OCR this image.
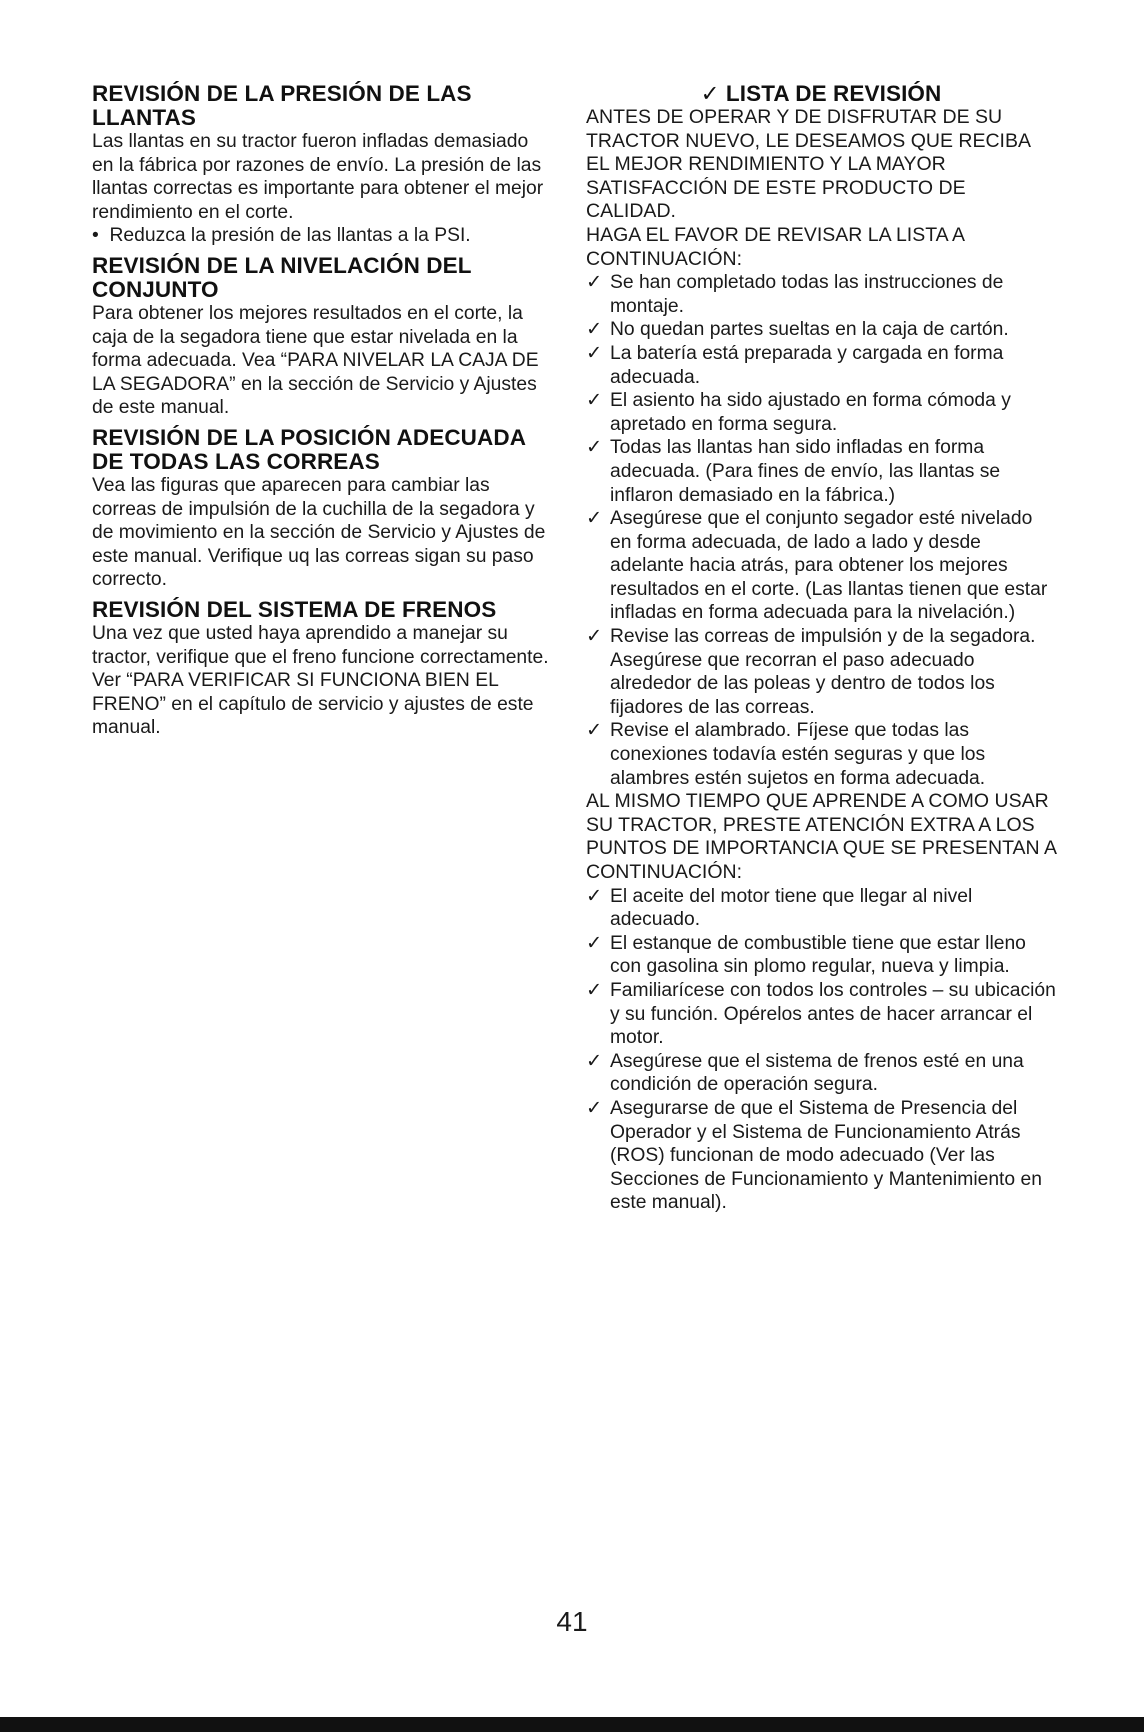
REVISIÓN DE LA PRESIÓN DE LAS LLANTAS

Las llantas en su tractor fueron infladas demasiado en la fábrica por razones de envío. La presión de las llantas correctas es importante para obtener el mejor rendimiento en el corte.

•  Reduzca la presión de las llantas a la PSI.

REVISIÓN DE LA NIVELACIÓN DEL CONJUNTO

Para obtener los mejores resultados en el corte, la caja de la segadora tiene que estar nivelada en la forma adecuada. Vea “PARA NIVELAR LA CAJA DE LA SEGADORA” en la sección de Servicio y Ajustes de este manual.

REVISIÓN DE LA POSICIÓN ADECUADA DE TODAS LAS CORREAS

Vea las figuras que aparecen para cambiar las correas de impulsión de la cuchilla de la segadora y de movimiento en la sección de Servicio y Ajustes de este manual. Verifique uq las correas sigan su paso correcto.

REVISIÓN DEL SISTEMA DE FRENOS

Una vez que usted haya aprendido a manejar su tractor, verifique que el freno funcione correctamente. Ver “PARA VERIFICAR SI FUNCIONA BIEN EL FRENO” en el capítulo de servicio y ajustes de este manual.

✓ LISTA DE REVISIÓN

ANTES DE OPERAR Y DE DISFRUTAR DE SU TRACTOR NUEVO, LE DESEAMOS QUE RECIBA EL MEJOR RENDIMIENTO Y LA MAYOR SATISFACCIÓN DE ESTE PRODUCTO DE CALIDAD.

HAGA EL FAVOR DE REVISAR LA LISTA A CONTINUACIÓN:

✓ Se han completado todas las instrucciones de montaje.
✓ No quedan partes sueltas en la caja de cartón.
✓ La batería está preparada y cargada en forma adecuada.
✓ El asiento ha sido ajustado en forma cómoda y apretado en forma segura.
✓ Todas las llantas han sido infladas en forma adecuada. (Para fines de envío, las llantas se inflaron demasiado en la fábrica.)
✓ Asegúrese que el conjunto segador esté nivelado en forma adecuada, de lado a lado y desde adelante hacia atrás, para obtener los mejores resultados en el corte. (Las llantas tienen que estar infladas en forma adecuada para la nivelación.)
✓ Revise las correas de impulsión y de la segadora. Asegúrese que recorran el paso adecuado alrededor de las poleas y dentro de todos los fijadores de las correas.
✓ Revise el alambrado. Fíjese que todas las conexiones todavía estén seguras y que los alambres estén sujetos en forma adecuada.

AL MISMO TIEMPO QUE APRENDE A COMO USAR SU TRACTOR, PRESTE ATENCIÓN EXTRA A LOS PUNTOS DE IMPORTANCIA QUE SE PRESENTAN A CONTINUACIÓN:

✓ El aceite del motor tiene que llegar al nivel adecuado.
✓ El estanque de combustible tiene que estar lleno con gasolina sin plomo regular, nueva y limpia.
✓ Familiarícese con todos los controles – su ubicación y su función. Opérelos antes de hacer arrancar el motor.
✓ Asegúrese que el sistema de frenos esté en una condición de operación segura.
✓ Asegurarse de que el Sistema de Presencia del Operador y el Sistema de Funcionamiento Atrás (ROS) funcionan de modo adecuado (Ver las Secciones de Funcionamiento y Mantenimiento en este manual).
41
